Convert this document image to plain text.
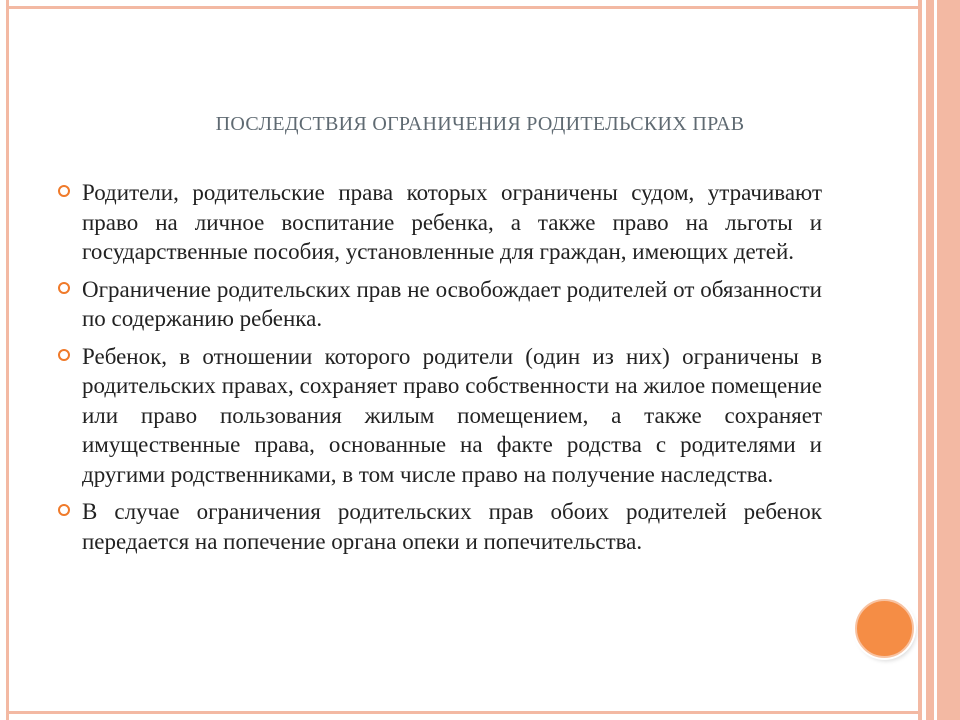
ПОСЛЕДСТВИЯ ОГРАНИЧЕНИЯ РОДИТЕЛЬСКИХ ПРАВ
Родители, родительские права которых ограничены судом, утрачивают право на личное воспитание ребенка, а также право на льготы и государственные пособия, установленные для граждан, имеющих детей.
Ограничение родительских прав не освобождает родителей от обязанности по содержанию ребенка.
Ребенок, в отношении которого родители (один из них) ограничены в родительских правах, сохраняет право собственности на жилое помещение или право пользования жилым помещением, а также сохраняет имущественные права, основанные на факте родства с родителями и другими родственниками, в том числе право на получение наследства.
В случае ограничения родительских прав обоих родителей ребенок передается на попечение органа опеки и попечительства.
